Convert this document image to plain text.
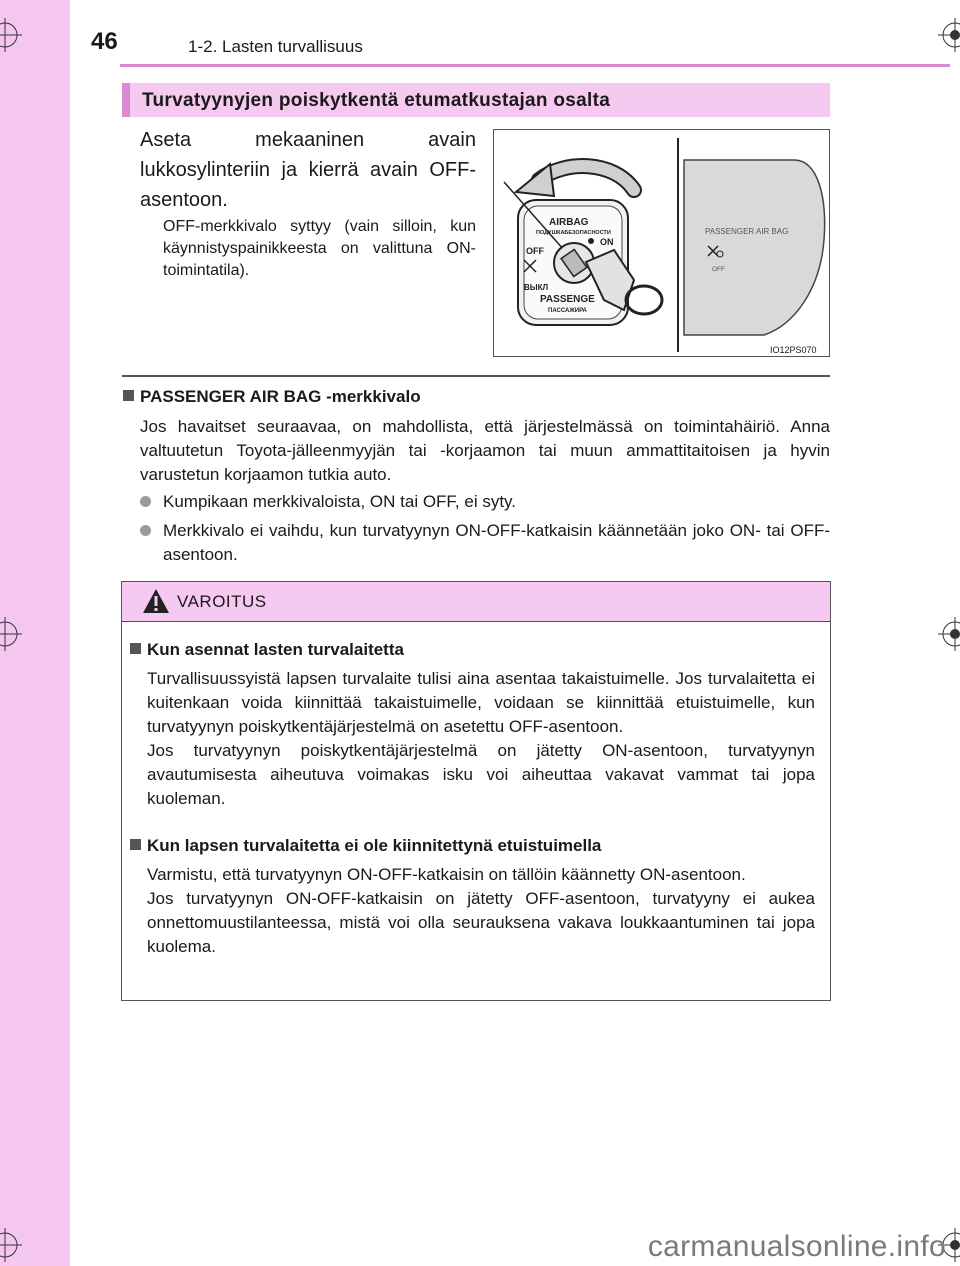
46	1-2. Lasten turvallisuus
Turvatyynyjen poiskytkentä etumatkustajan osalta
Aseta mekaaninen avain lukkosylinteriin ja kierrä avain OFF-asentoon.
OFF-merkkivalo syttyy (vain silloin, kun käynnistyspainikkeesta on valittuna ON-toimintatila).
AIRBAG
ПОДУШКАБЕЗОПАСНОСТИ
OFF
ON
ВЫКЛ
PASSENGE
ПАССАЖИРА
PASSENGER AIR BAG
OFF
IO12PS070
PASSENGER AIR BAG -merkkivalo
Jos havaitset seuraavaa, on mahdollista, että järjestelmässä on toimintahäiriö. Anna valtuutetun Toyota-jälleenmyyjän tai -korjaamon tai muun ammattitaitoisen ja hyvin varustetun korjaamon tutkia auto.
Kumpikaan merkkivaloista, ON tai OFF, ei syty.
Merkkivalo ei vaihdu, kun turvatyynyn ON-OFF-katkaisin käännetään joko ON- tai OFF-asentoon.
VAROITUS
Kun asennat lasten turvalaitetta
Turvallisuussyistä lapsen turvalaite tulisi aina asentaa takaistuimelle. Jos turvalaitetta ei kuitenkaan voida kiinnittää takaistuimelle, voidaan se kiinnittää etuistuimelle, kun turvatyynyn poiskytkentäjärjestelmä on asetettu OFF-asentoon.
Jos turvatyynyn poiskytkentäjärjestelmä on jätetty ON-asentoon, turvatyynyn avautumisesta aiheutuva voimakas isku voi aiheuttaa vakavat vammat tai jopa kuoleman.
Kun lapsen turvalaitetta ei ole kiinnitettynä etuistuimella
Varmistu, että turvatyynyn ON-OFF-katkaisin on tällöin käännetty ON-asentoon.
Jos turvatyynyn ON-OFF-katkaisin on jätetty OFF-asentoon, turvatyyny ei aukea onnettomuustilanteessa, mistä voi olla seurauksena vakava loukkaantuminen tai jopa kuolema.
carmanualsonline.info
